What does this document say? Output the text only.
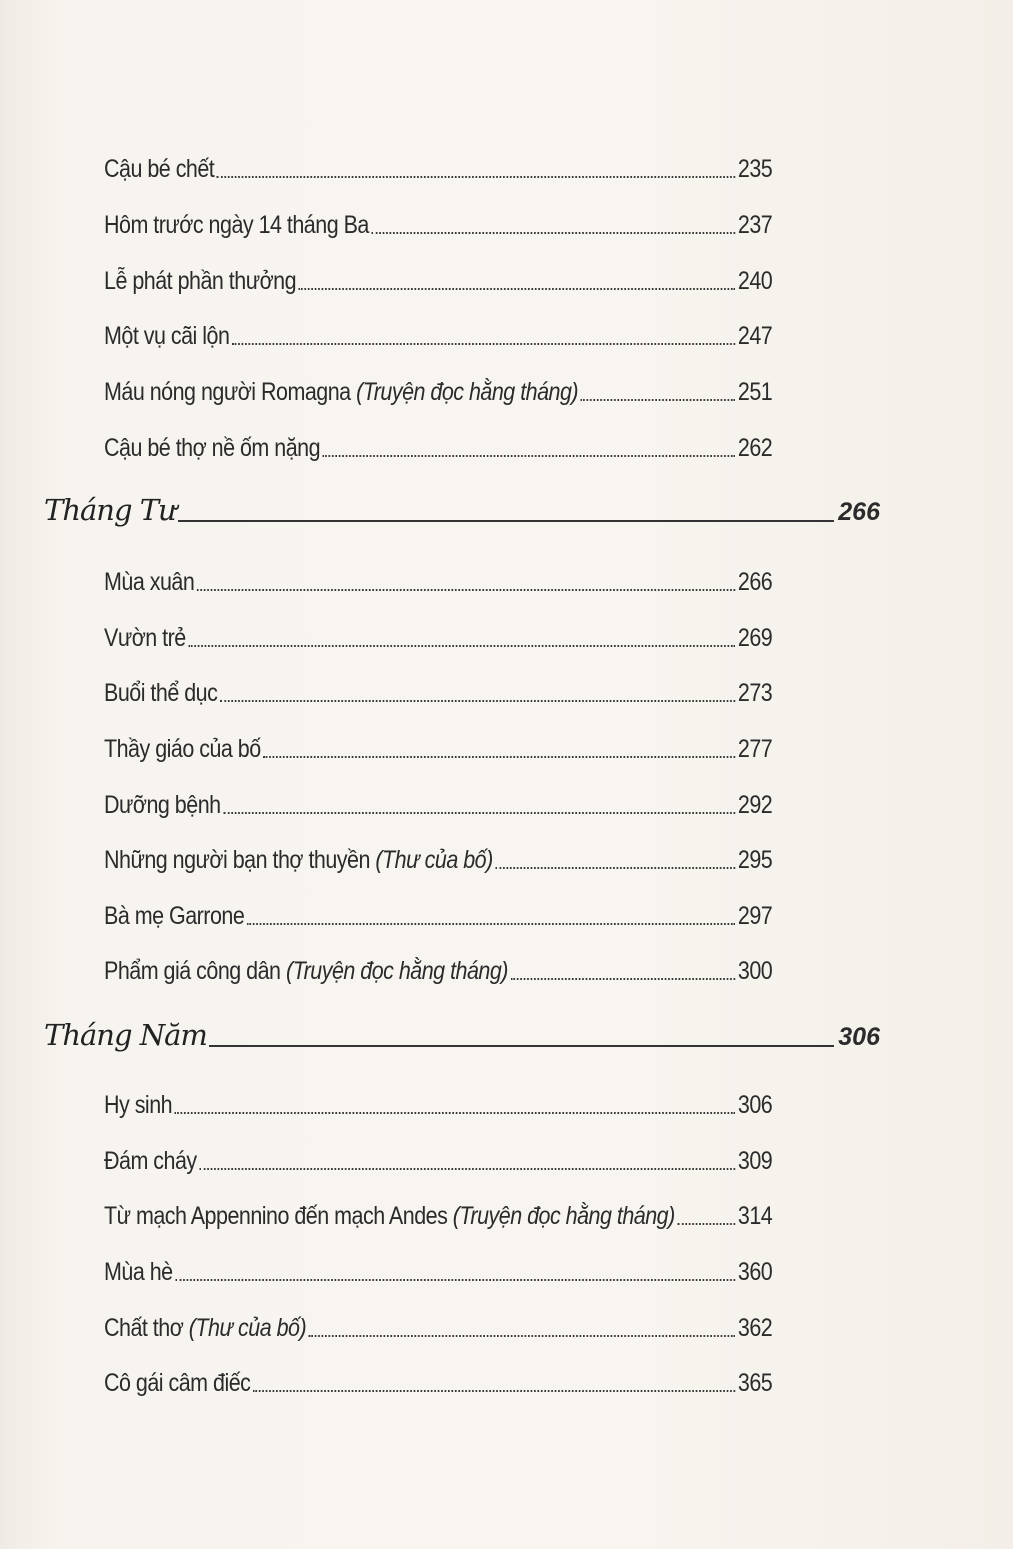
Cậu bé chết	235
Hôm trước ngày 14 tháng Ba	237
Lễ phát phần thưởng	240
Một vụ cãi lộn	247
Máu nóng người Romagna (Truyện đọc hằng tháng)	251
Cậu bé thợ nề ốm nặng	262
Tháng Tư	266
Mùa xuân	266
Vườn trẻ	269
Buổi thể dục	273
Thầy giáo của bố	277
Dưỡng bệnh	292
Những người bạn thợ thuyền (Thư của bố)	295
Bà mẹ Garrone	297
Phẩm giá công dân (Truyện đọc hằng tháng)	300
Tháng Năm	306
Hy sinh	306
Đám cháy	309
Từ mạch Appennino đến mạch Andes (Truyện đọc hằng tháng)	314
Mùa hè	360
Chất thơ (Thư của bố)	362
Cô gái câm điếc	365
